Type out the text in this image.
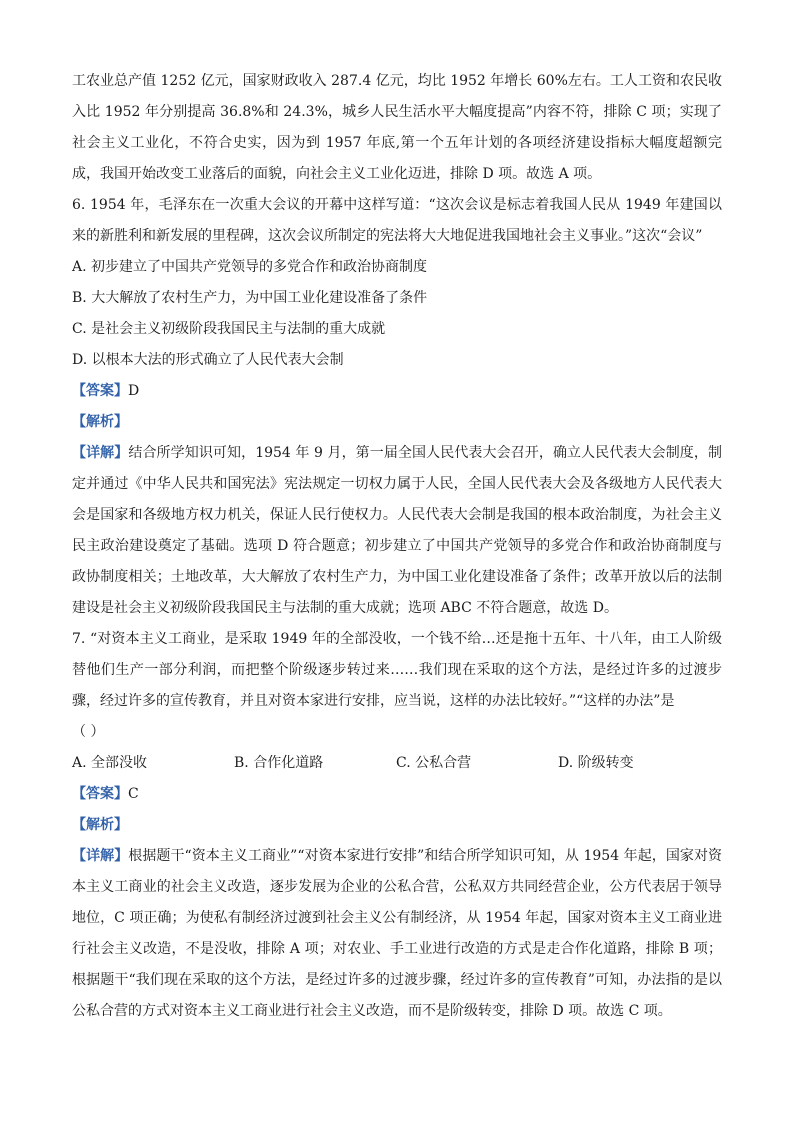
工农业总产值 1252 亿元，国家财政收入 287.4 亿元，均比 1952 年增长 60%左右。工人工资和农民收入比 1952 年分别提高 36.8%和 24.3%，城乡人民生活水平大幅度提高”内容不符，排除 C 项；实现了社会主义工业化，不符合史实，因为到 1957 年底,第一个五年计划的各项经济建设指标大幅度超额完成，我国开始改变工业落后的面貌，向社会主义工业化迈进，排除 D 项。故选 A 项。

6. 1954 年，毛泽东在一次重大会议的开幕中这样写道：“这次会议是标志着我国人民从 1949 年建国以来的新胜利和新发展的里程碑，这次会议所制定的宪法将大大地促进我国地社会主义事业。”这次“会议”

A. 初步建立了中国共产党领导的多党合作和政治协商制度

B. 大大解放了农村生产力，为中国工业化建设准备了条件

C. 是社会主义初级阶段我国民主与法制的重大成就

D. 以根本大法的形式确立了人民代表大会制

【答案】D

【解析】

【详解】结合所学知识可知，1954 年 9 月，第一届全国人民代表大会召开，确立人民代表大会制度，制定并通过《中华人民共和国宪法》宪法规定一切权力属于人民，全国人民代表大会及各级地方人民代表大会是国家和各级地方权力机关，保证人民行使权力。人民代表大会制是我国的根本政治制度，为社会主义民主政治建设奠定了基础。选项 D 符合题意；初步建立了中国共产党领导的多党合作和政治协商制度与政协制度相关；土地改革，大大解放了农村生产力，为中国工业化建设准备了条件；改革开放以后的法制建设是社会主义初级阶段我国民主与法制的重大成就；选项 ABC 不符合题意，故选 D。

7. “对资本主义工商业，是采取 1949 年的全部没收，一个钱不给…还是拖十五年、十八年，由工人阶级替他们生产一部分利润，而把整个阶级逐步转过来……我们现在采取的这个方法，是经过许多的过渡步骤，经过许多的宣传教育，并且对资本家进行安排，应当说，这样的办法比较好。”“这样的办法”是

（ ）

A. 全部没收	B. 合作化道路	C. 公私合营	D. 阶级转变

【答案】C

【解析】

【详解】根据题干“资本主义工商业”“对资本家进行安排”和结合所学知识可知，从 1954 年起，国家对资本主义工商业的社会主义改造，逐步发展为企业的公私合营，公私双方共同经营企业，公方代表居于领导地位，C 项正确；为使私有制经济过渡到社会主义公有制经济，从 1954 年起，国家对资本主义工商业进行社会主义改造，不是没收，排除 A 项；对农业、手工业进行改造的方式是走合作化道路，排除 B 项；根据题干“我们现在采取的这个方法，是经过许多的过渡步骤，经过许多的宣传教育”可知，办法指的是以公私合营的方式对资本主义工商业进行社会主义改造，而不是阶级转变，排除 D 项。故选 C 项。
